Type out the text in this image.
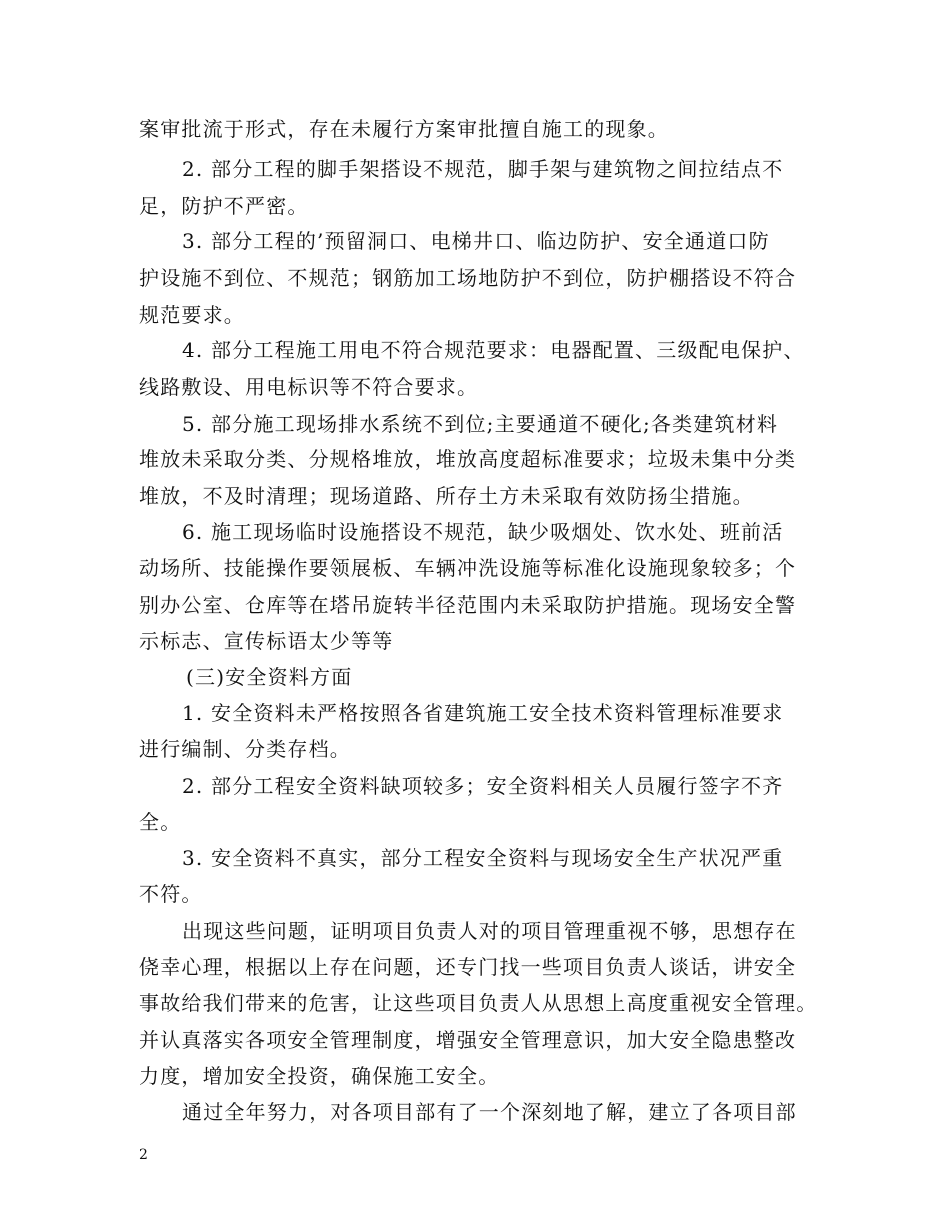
案审批流于形式，存在未履行方案审批擅自施工的现象。
2. 部分工程的脚手架搭设不规范，脚手架与建筑物之间拉结点不
足，防护不严密。
3. 部分工程的’预留洞口、电梯井口、临边防护、安全通道口防
护设施不到位、不规范；钢筋加工场地防护不到位，防护棚搭设不符合
规范要求。
4. 部分工程施工用电不符合规范要求：电器配置、三级配电保护、
线路敷设、用电标识等不符合要求。
5. 部分施工现场排水系统不到位;主要通道不硬化;各类建筑材料
堆放未采取分类、分规格堆放，堆放高度超标准要求；垃圾未集中分类
堆放，不及时清理；现场道路、所存土方未采取有效防扬尘措施。
6. 施工现场临时设施搭设不规范，缺少吸烟处、饮水处、班前活
动场所、技能操作要领展板、车辆冲洗设施等标准化设施现象较多；个
别办公室、仓库等在塔吊旋转半径范围内未采取防护措施。现场安全警
示标志、宣传标语太少等等
(三)安全资料方面
1. 安全资料未严格按照各省建筑施工安全技术资料管理标准要求
进行编制、分类存档。
2. 部分工程安全资料缺项较多；安全资料相关人员履行签字不齐
全。
3. 安全资料不真实，部分工程安全资料与现场安全生产状况严重
不符。
出现这些问题，证明项目负责人对的项目管理重视不够，思想存在
侥幸心理，根据以上存在问题，还专门找一些项目负责人谈话，讲安全
事故给我们带来的危害，让这些项目负责人从思想上高度重视安全管理。
并认真落实各项安全管理制度，增强安全管理意识，加大安全隐患整改
力度，增加安全投资，确保施工安全。
通过全年努力，对各项目部有了一个深刻地了解，建立了各项目部
2
